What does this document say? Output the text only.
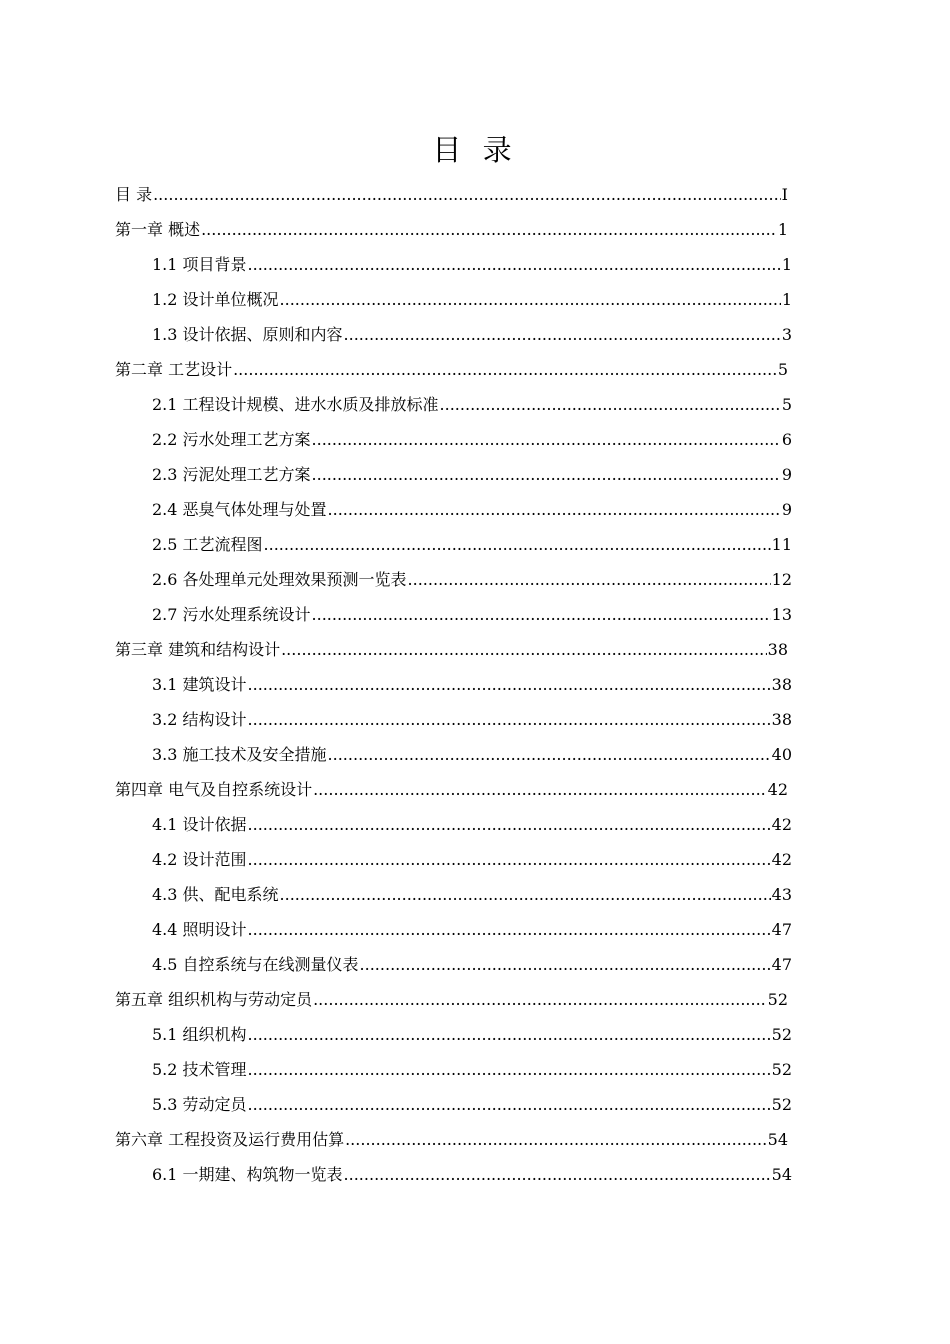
目 录
目 录 .....	I
第一章 概述 .....	1
1.1 项目背景 .....	1
1.2 设计单位概况 .....	1
1.3 设计依据、原则和内容 .....	3
第二章 工艺设计 .....	5
2.1 工程设计规模、进水水质及排放标准 .....	5
2.2 污水处理工艺方案 .....	6
2.3 污泥处理工艺方案 .....	9
2.4 恶臭气体处理与处置 .....	9
2.5 工艺流程图 .....	11
2.6 各处理单元处理效果预测一览表 .....	12
2.7 污水处理系统设计 .....	13
第三章 建筑和结构设计 .....	38
3.1 建筑设计 .....	38
3.2 结构设计 .....	38
3.3 施工技术及安全措施 .....	40
第四章 电气及自控系统设计 .....	42
4.1 设计依据 .....	42
4.2 设计范围 .....	42
4.3 供、配电系统 .....	43
4.4 照明设计 .....	47
4.5 自控系统与在线测量仪表 .....	47
第五章 组织机构与劳动定员 .....	52
5.1 组织机构 .....	52
5.2 技术管理 .....	52
5.3 劳动定员 .....	52
第六章 工程投资及运行费用估算 .....	54
6.1 一期建、构筑物一览表 .....	54
